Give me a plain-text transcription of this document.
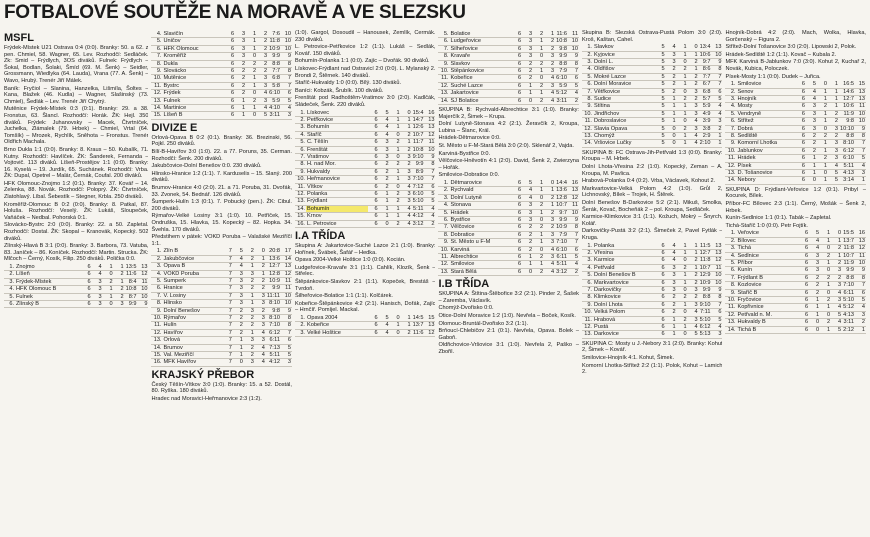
FOTBALOVÉ SOUTĚŽE NA MORAVĚ A VE SLEZSKU
MSFL
Frýdek-Místek U21 Ostrava 0:4 (0:0). Branky: 50. a 62. z pen. Chmiel, 58. Wagner, 65. Lev. Rozhodčí: Sedláček. Zk: Smid – Frýdlych, 3OS diváků. Fulnek: Frýdlych – Šokal, Bodlan, Šolaki, Šmíd (69. M. Šenk) – Seidler, Grossmann, Wiedlyka (64. Lauda), Vrana (77. A. Šenk) – Wavo, Hrubý. Trenér Jiří Málek.
Baník: Fryčiol – Slanina, Hanzelka, Lišmíla, Šoltes – Kana, Blažek (46. Kudla) – Wagner, Slašinský (73. Chmiel), Šedlák – Lev. Trenér Jiří Chytrý.
Mutěnice Frýdek-Místek 0:3 (0:1). Branky: 29. a 38. Fronstus, 63. Šlancl. Rozhodčí: Horák. ŽK: Hejl. 350 diváků. Frýdek: Juhanovsky – Macek, Čtvrtníček, Juchelka, Zlámalek (79. Hrbek) – Chmiel, Vrtal (64. Tomšík) – Mrozek, Rychlík, Sněhota – Fronstus. Trenér Oldřich Machala.
Brno Dukla 1:1 (0:0). Branky: 8. Kraus – 50. Kubalík, 71. Kutny. Rozhodčí: Havlíček. ŽK: Šanderek, Fernanda – Vojtovič. 113 diváků. Líšeň-Prostějov 1:1 (0:0). Branky: 16. Kyselá – 19. Jurdík, 65. Suchánek. Rozhodčí: Vrba. ŽK: Dupal, Opetrel – Malár, Černák, Coufal. 200 diváků.
HFK Olomouc-Znojmo 1:2 (0:1). Branky: 37. Kovář – 14. Zelenka, 88. Novák. Rozhodčí: Poloprý. ŽK: Čtvrtníček, Zlatohlavý. Líbal. Šebestík – Stegner, Krbla. 250 diváků.
Kroměříž-Olomouc B 0:2 (0:0). Branky: 8. Patkal, 87. Holuša. Rozhodčí: Veselý. ŽK: Lukáš, Sloupeček, Vaňáček – Nedbal. Pohorská 0:1.
Slovácko-Bystrc 2:0 (0:0). Branky: 22. a 50. Zapletal. Rozhodčí: Dostal. ŽK: Skopal – Kranovák, Kopecký. 502 diváků.
Zlínský-Hlavá B 3:1 (0:0). Branky: 3. Barbora, 73. Vatuba, 83. Janíček – 86. Koníček. Rozhodčí: Martin. Strucka. ŽK: Mlčoch – Černý, Kosík, Filip. 250 diváků. Polička 0:0.
1.	Znojmo	6	4	1	1	13:5	13
2.	Líšeň	6	4	0	2	11:6	12
3.	Frýdek-Místek	6	3	2	1	8:4	11
4.	HFK Olomouc B	6	3	1	2	10:8	10
5.	Fulnek	6	3	1	2	8:7	10
6.	Zlínský B	6	3	0	3	9:9	9
4.	Slavičín	6	3	1	2	7:6	10
5.	Uničov	6	3	1	2	11:8	10
6.	HFK Olomouc	6	3	1	2	10:9	10
7.	Kroměříž	6	3	0	3	9:9	9
8.	Dukla	6	2	2	2	8:8	8
9.	Slovácko	6	2	2	2	7:7	8
10.	Mutěnice	6	2	1	3	6:8	7
11.	Bystrc	6	2	1	3	5:8	7
12.	Frýdek	6	2	0	4	6:10	6
13.	Fulnek	6	1	2	3	5:9	5
14.	Martinice	6	1	1	4	4:10	4
15.	Líšeň B	6	1	0	5	3:11	3
DIVIZE E
Orlová-Opava B 0:2 (0:1). Branky: 36. Brezinski, 56. Pojkl. 250 diváků.
Bílí-B-Havířov 3:0 (1:0). 22. a 77. Poruns, 35. Cerman. Rozhodčí: Šenk. 200 diváků.
Jakubčovice-Dolní Benešov 0:0. 230 diváků.
Hlinsko-Hranice 1:2 (1:1). 7. Karduselis – 15. Slaný. 200 diváků.
Brumov-Hranice 4:0 (2:0). 21. a 71. Poruba, 31. Dvořák, 33. Zvonek, 54. Bednář. 126 diváků.
Šumperk-Hulín 1:3 (0:1). 7. Pobucký (pen.). ŽK: Cibul. 200 diváků.
Rýmařov-Velké Losiny 3:1 (1:0). 10. Petříček, 15. Ondruška, 15. Hlavka, 15. Kopecký – 82. Hopka. 34. Švehla. 170 diváků.
Předstihem v pátek: VOKD Poruba – Valašské Meziříčí 1:1.
1.	Zlín B	7	5	2	0	20:8	17
2.	Jakubčovice	7	4	2	1	13:6	14
3.	Opava B	7	4	1	2	12:7	13
4.	VOKD Poruba	7	3	3	1	12:8	12
5.	Šumperk	7	3	2	2	10:9	11
6.	Hranice	7	3	2	2	9:9	11
7.	V. Losiny	7	3	1	3	11:11	10
8.	Hlinsko	7	3	1	3	8:10	10
9.	Dolní Benešov	7	2	3	2	9:8	9
10.	Rýmařov	7	2	2	3	8:10	8
11.	Hulín	7	2	2	3	7:10	8
12.	Havířov	7	2	1	4	6:12	7
13.	Orlová	7	1	3	3	6:11	6
14.	Brumov	7	1	2	4	7:13	5
15.	Val. Meziříčí	7	1	2	4	5:11	5
16.	MFK Havířov	7	0	3	4	4:12	3
KRAJSKÝ PŘEBOR
Český Těšín-Vítkov 3:0 (1:0). Branky: 15. a 52. Dostál, 80. Ryška. 180 diváků.
Hradec nad Moravicí-Heřmanovice 2:3 (1:2).
(1:0). Gargol, Dosoudil – Hanousek, Žemlík, Čermák. 230 diváků.
L. Petrovice-Petřkovice 1:2 (1:1). Lukáš – Sedlák, Kovář. 150 diváků.
Bohumín-Polanka 1:1 (0:0). Zajíc – Dvořák. 90 diváků.
Lískovec-Frýdlant nad Ostravicí 2:0 (0:0). L. Mylanský 2. Brondi 2, Štěrnek. 140 diváků.
Staříč-Hukvaldy 1:0 (0:0). Bílý. 130 diváků.
Baníci: Kobzák, Šrubík. 100 diváků.
Frenštát pod Radhoštěm-Vratimov 3:0 (2:0). Kadlčák, Sládeček, Šenk. 220 diváků.
1.	Lískovec	6	5	1	0	15:4	16
2.	Petřkovice	6	4	1	1	14:7	13
3.	Bohumín	6	4	1	1	12:6	13
4.	Staříč	6	4	0	2	10:7	12
5.	Č. Těšín	6	3	2	1	11:7	11
6.	Frenštát	6	3	1	2	10:8	10
7.	Vratimov	6	3	0	3	9:10	9
8.	H. nad Mor.	6	2	2	2	9:9	8
9.	Hukvaldy	6	2	1	3	8:9	7
10.	Heřmanovice	6	2	1	3	7:10	7
11.	Vítkov	6	2	0	4	7:12	6
12.	Polanka	6	1	2	3	6:10	5
13.	Frýdlant	6	1	2	3	5:10	5
14.	Bohumín	6	1	1	4	5:11	4
15.	Krnov	6	1	1	4	4:12	4
16.	L. Petrovice	6	0	2	4	3:12	2
I.A TŘÍDA
Skupina A: Jakartovice-Suché Lazce 2:1 (1:0). Branky: Hořínek, Švábek, Šafář – Hedka.
Opava 2004-Velké Hoštice 1:0 (0:0). Kocián.
Ludgeřovice-Kravaře 3:1 (1:1). Cahlík, Klozík, Šenk – Střelec.
Štěpánkovice-Slavkov 2:1 (1:1). Kopeček, Brestáš – Tvrdoň.
Šilheřovice-Bolatice 1:1 (1:1). Kolčárek.
Kobeřice-Štěpánkovice 4:2 (2:1). Hanisch, Dořák, Zajíc – Hrnčíř. Pomíjel. Mackal.
1.	Opava 2004	6	5	0	1	14:5	15
2.	Kobeřice	6	4	1	1	13:7	13
3.	Velké Hoštice	6	4	0	2	11:6	12
5.	Bolatice	6	3	2	1	11:6	11
6.	Ludgeřovice	6	3	1	2	10:8	10
7.	Šilheřovice	6	3	1	2	9:8	10
8.	Kravaře	6	3	0	3	9:9	9
9.	Slavkov	6	2	2	2	8:8	8
10.	Štěpánkovice	6	2	1	3	7:9	7
11.	Kobeřice	6	2	0	4	6:10	6
12.	Suché Lazce	6	1	2	3	5:9	5
13.	Jakartovice	6	1	1	4	5:12	4
14.	SJ Bolatice	6	0	2	4	3:11	2
SKUPINA B: Rychvald-Albrechtice 3:1 (1:0). Branky: Majerčík 2, Šimek – Krupa.
Dolní Lutyně-Stonava 4:2 (2:1). Žeravčík 2, Kroupa, Lubina – Šlanc, Král.
Hrádek-Dětmarovice 0:0.
St. Město u F-M-Stará Bělá 3:0 (2:0). Sklenář 2, Vajda.
Karviná-Bystřice 0:0.
Vělčovice-Hněvotín 4:1 (2:0). David, Šenk 2, Zwierzyna – Hořák.
Smilovice-Dobratice 0:0.
1.	Dětmarovice	6	5	1	0	14:4	16
2.	Rychvald	6	4	1	1	13:6	13
3.	Dolní Lutyně	6	4	0	2	12:8	12
4.	Stonava	6	3	2	1	10:7	11
5.	Hrádek	6	3	1	2	9:7	10
6.	Bystřice	6	3	0	3	9:9	9
7.	Vělčovice	6	2	2	2	10:9	8
8.	Dobratice	6	2	1	3	7:9	7
9.	St. Město u F-M	6	2	1	3	7:10	7
10.	Karviná	6	2	0	4	6:10	6
11.	Albrechtice	6	1	2	3	6:11	5
12.	Smilovice	6	1	1	4	5:11	4
13.	Stará Bělá	6	0	2	4	3:12	2
I.B TŘÍDA
SKUPINA A: Štítina-Štěbořice 3:2 (2:1). Pinder 2, Šašek – Zaremba, Václavík.
Chomýž-Dvořisko 0:0.
Otice-Dolní Moravice 1:2 (1:0). Nevřela – Boček, Kosík.
Olomouc-Bruntál-Dvořisko 3:2 (1:1).
Brňoucí-Chlebičov 2:1 (0:1). Nevřela, Opava. Bolek – Gaboň.
Oldřichovice-Vršovice 3:1 (1:0). Nevřela 2, Paško – Zbořil.
Skupina B: Slezská Ostrava-Pustá Polom 3:0 (2:0). Kroš, Kaštan, Cahel.
1.	Slavkov	5	4	1	0	13:4	13
2.	Kyjovice	5	3	1	1	10:6	10
3.	Dolní L.	5	3	0	2	9:7	9
4.	Oldřišov	5	2	2	1	8:6	8
5.	Mokré Lazce	5	2	1	2	7:7	7
6.	Dolní Moravice	5	2	1	2	6:7	7
7.	Větřkovice	5	2	0	3	6:8	6
8.	Sudice	5	1	2	2	5:7	5
9.	Štítina	5	1	1	3	5:9	4
10.	Jindřichov	5	1	1	3	4:9	4
11.	Dobroslavice	5	1	0	4	3:9	3
12.	Slavia Opava	5	0	2	3	3:8	2
13.	Chomýž	5	0	1	4	2:9	1
14.	Vršovice Lučky	5	0	1	4	2:10	1
SKUPINA B: FC Ostrava-Jih-Petřvald 1:3 (0:0). Branky: Kroupa – M. Hrbek.
Dolní Lhota-Vřesina 2:2 (1:0). Kopecký, Zeman – A. Kroupa, M. Pavlica.
Hrabová-Polanka 0:4 (0:2). Vrba, Václavek, Kohout 2.
Markvartovice-Velká Polom 4:2 (1:0). Grůl 2, Lichnovský, Bílek – Trojek, H. Štěrek.
Dolní Benešov B-Darkovice 5:2 (2:1). Mikuš, Smolka, Šerák, Kovač, Bocheňák 2 – pol. Kroupa, Sedláček.
Karmice-Klimkovice 3:1 (1:1). Kožuch, Mokrý – Šnyrch, Kolář.
Darkovičky-Pustá 3:2 (2:1). Šimeček 2, Pavel Fytlák – Kruga.
1.	Polanka	6	4	1	1	11:5	13
2.	Vřesina	6	4	1	1	12:7	13
3.	Karmice	6	4	0	2	11:8	12
4.	Petřvald	6	3	2	1	10:7	11
5.	Dolní Benešov B	6	3	1	2	12:9	10
6.	Markvartovice	6	3	1	2	10:9	10
7.	Darkovičky	6	3	0	3	9:9	9
8.	Klimkovice	6	2	2	2	8:8	8
9.	Dolní Lhota	6	2	1	3	9:10	7
10.	Velká Polom	6	2	0	4	7:11	6
11.	Hrabová	6	1	2	3	5:10	5
12.	Pustá	6	1	1	4	6:12	4
13.	Darkovice	6	1	0	5	5:13	3
SKUPINA C: Mosty u J.-Nebory 3:1 (2:0). Branky: Kohut 2, Šimek – Kovář.
Smilovice-Hnojník 4:1. Kohut, Šimek.
Komorní Lhotka-Střítež 2:2 (1:1). Polok, Kohut – Lamich 2.
Hnojník-Dobrá 4:2 (2:0). Mach, Wolka, Hlavka, Gorčenský – Figura 2.
Střítež-Dolní Tošanovice 3:0 (2:0). Lipowski 2, Polok.
Hrádek-Sedliště 1:2 (1:1). Kovač – Kubala 2.
MFK Karviná B-Jablunkov 7:0 (3:0). Kohut 2, Kuchař 2, Novák, Kubica, Poloczek.
Písek-Mosty 1:1 (0:0). Dudek – Juřica.
1.	Smilovice	6	5	0	1	16:5	15
2.	Šenov	6	4	1	1	14:6	13
3.	Hnojník	6	4	1	1	12:7	13
4.	Mosty	6	3	2	1	10:6	11
5.	Vendryně	6	3	1	2	11:9	10
6.	Střítež	6	3	1	2	9:8	10
7.	Dobrá	6	3	0	3	10:10	9
8.	Sedliště	6	2	2	2	8:8	8
9.	Komorní Lhotka	6	2	1	3	8:10	7
10.	Jablunkov	6	2	1	3	6:12	7
11.	Hrádek	6	1	2	3	6:10	5
12.	Písek	6	1	1	4	5:11	4
13.	D. Tošanovice	6	1	0	5	4:13	3
14.	Nebory	6	0	1	5	3:14	1
SKUPINA D: Frýdlant-Veřovice 1:2 (0:1). Pribyl – Kocurek, Bílek.
Příbor-FC Bílovec 2:3 (1:1). Černý, Mošák – Šenk 2, Hrbek.
Kunín-Sedlnice 1:1 (0:1). Tabák – Zapletal.
Tichá-Staříč 1:0 (0:0). Petr Fojtík.
1.	Veřovice	6	5	1	0	15:5	16
2.	Bílovec	6	4	1	1	13:7	13
3.	Tichá	6	4	0	2	11:8	12
4.	Sedlnice	6	3	2	1	10:7	11
5.	Příbor	6	3	1	2	11:9	10
6.	Kunín	6	3	0	3	9:9	9
7.	Frýdlant B	6	2	2	2	8:8	8
8.	Kozlovice	6	2	1	3	7:10	7
9.	Staříč B	6	2	0	4	6:11	6
10.	Fryčovice	6	1	2	3	5:10	5
11.	Kopřivnice	6	1	1	4	5:12	4
12.	Petřvald n. M.	6	1	0	5	4:13	3
13.	Hukvaldy B	6	0	2	4	3:11	2
14.	Tichá B	6	0	1	5	2:12	1
